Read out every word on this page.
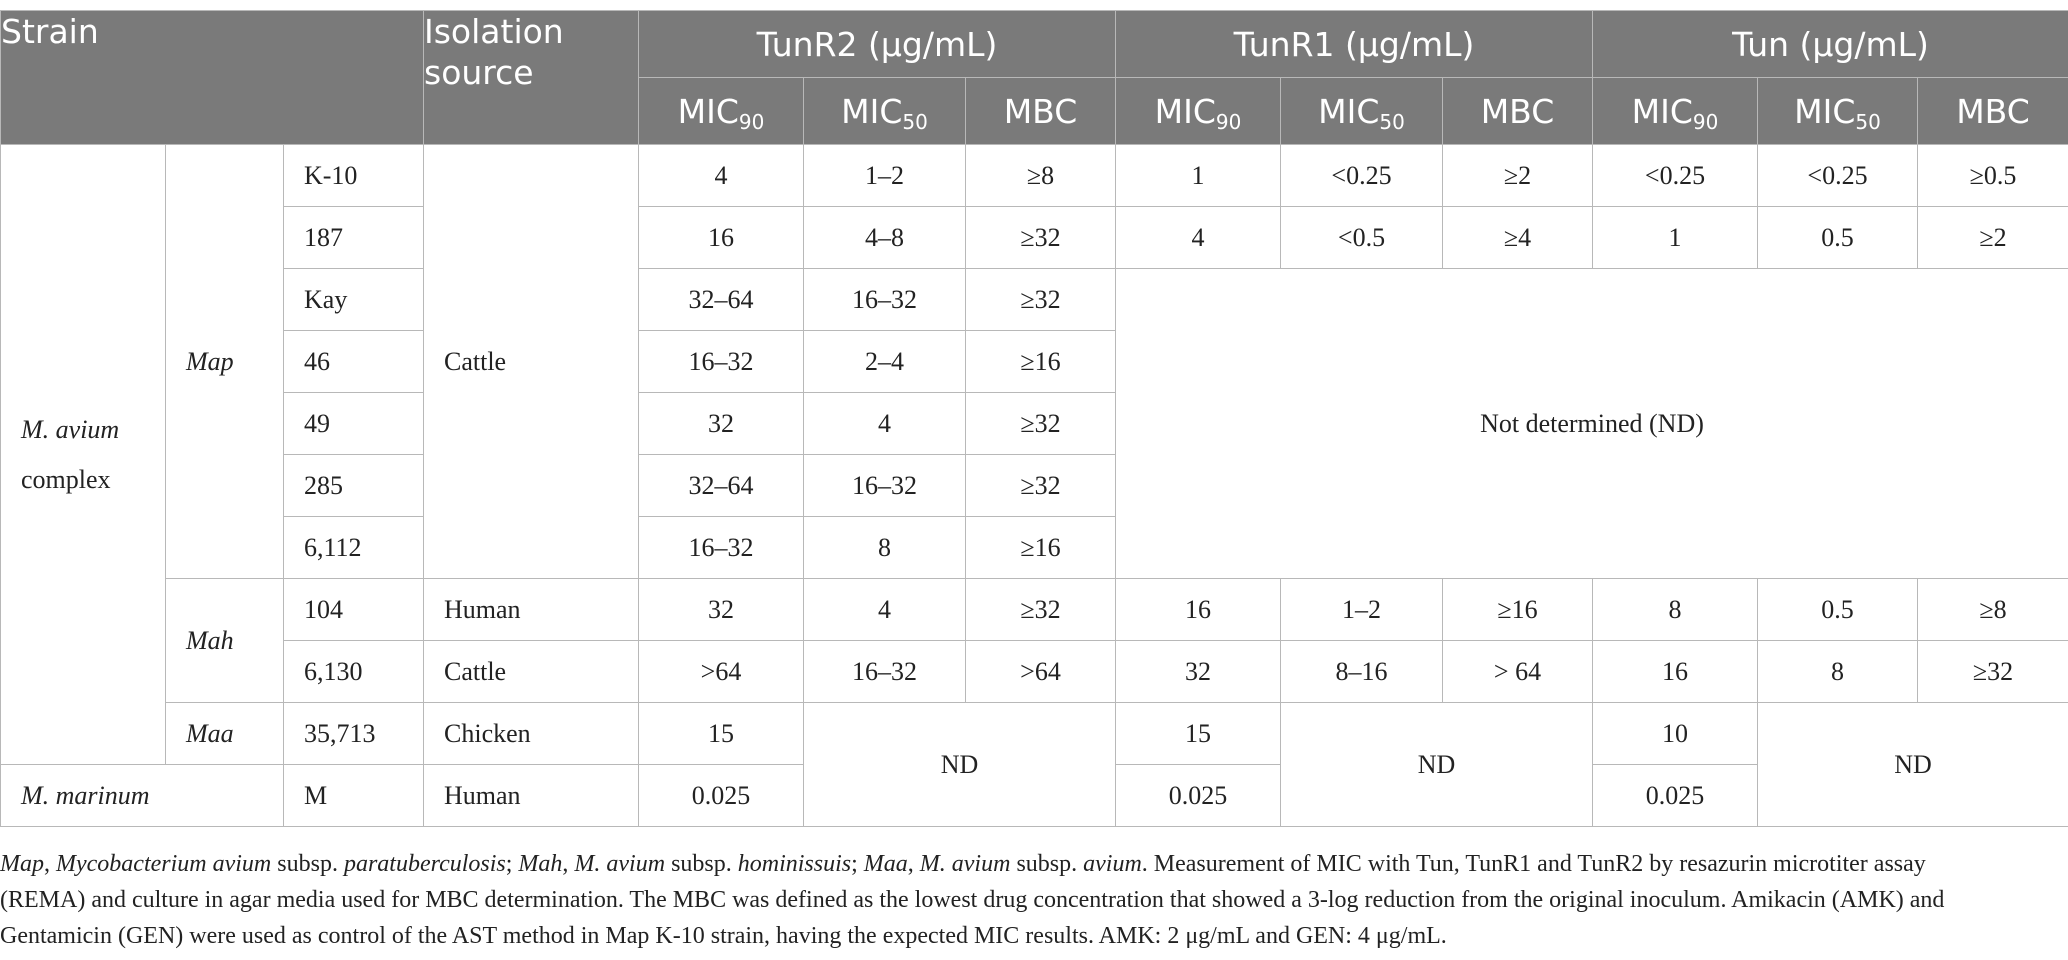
Strain			Isolation source	TunR2 (μg/mL)			TunR1 (μg/mL)			Tun (μg/mL)		
				$MIC_{90}$	$MIC_{50}$	MBC	$MIC_{90}$	$MIC_{50}$	MBC	$MIC_{90}$	$MIC_{50}$	MBC
M. avium
complex	Map	K-10	Cattle	4	1–2	≥8	1	<0.25	≥2	<0.25	<0.25	≥0.5
		187		16	4–8	≥32	4	<0.5	≥4	1	0.5	≥2
		Kay		32–64	16–32	≥32	Not determined (ND)					
		46		16–32	2–4	≥16						
		49		32	4	≥32						
		285		32–64	16–32	≥32						
		6,112		16–32	8	≥16						
	Mah	104	Human	32	4	≥32	16	1–2	≥16	8	0.5	≥8
		6,130	Cattle	>64	16–32	>64	32	8–16	> 64	16	8	≥32
	Maa	35,713	Chicken	15	ND		15	ND		10	ND	
M. marinum		M	Human	0.025			0.025			0.025		
Map, Mycobacterium avium subsp. paratuberculosis; Mah, M. avium subsp. hominissuis; Maa, M. avium subsp. avium. Measurement of MIC with Tun, TunR1 and TunR2 by resazurin microtiter assay (REMA) and culture in agar media used for MBC determination. The MBC was defined as the lowest drug concentration that showed a 3-log reduction from the original inoculum. Amikacin (AMK) and Gentamicin (GEN) were used as control of the AST method in Map K-10 strain, having the expected MIC results. AMK: 2 μg/mL and GEN: 4 μg/mL.
